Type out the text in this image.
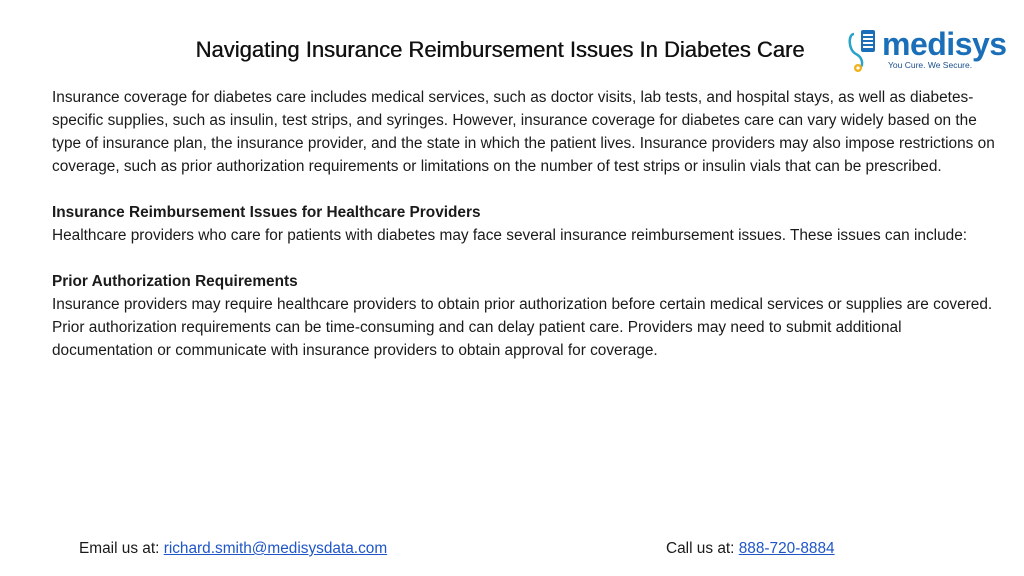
Navigating Insurance Reimbursement Issues In Diabetes Care	medisys
You Cure. We Secure.

Insurance coverage for diabetes care includes medical services, such as doctor visits, lab tests, and hospital stays, as well as diabetes-specific supplies, such as insulin, test strips, and syringes. However, insurance coverage for diabetes care can vary widely based on the type of insurance plan, the insurance provider, and the state in which the patient lives. Insurance providers may also impose restrictions on coverage, such as prior authorization requirements or limitations on the number of test strips or insulin vials that can be prescribed.

Insurance Reimbursement Issues for Healthcare Providers
Healthcare providers who care for patients with diabetes may face several insurance reimbursement issues. These issues can include:

Prior Authorization Requirements
Insurance providers may require healthcare providers to obtain prior authorization before certain medical services or supplies are covered. Prior authorization requirements can be time-consuming and can delay patient care. Providers may need to submit additional documentation or communicate with insurance providers to obtain approval for coverage.

Email us at: richard.smith@medisysdata.com	Call us at: 888-720-8884
